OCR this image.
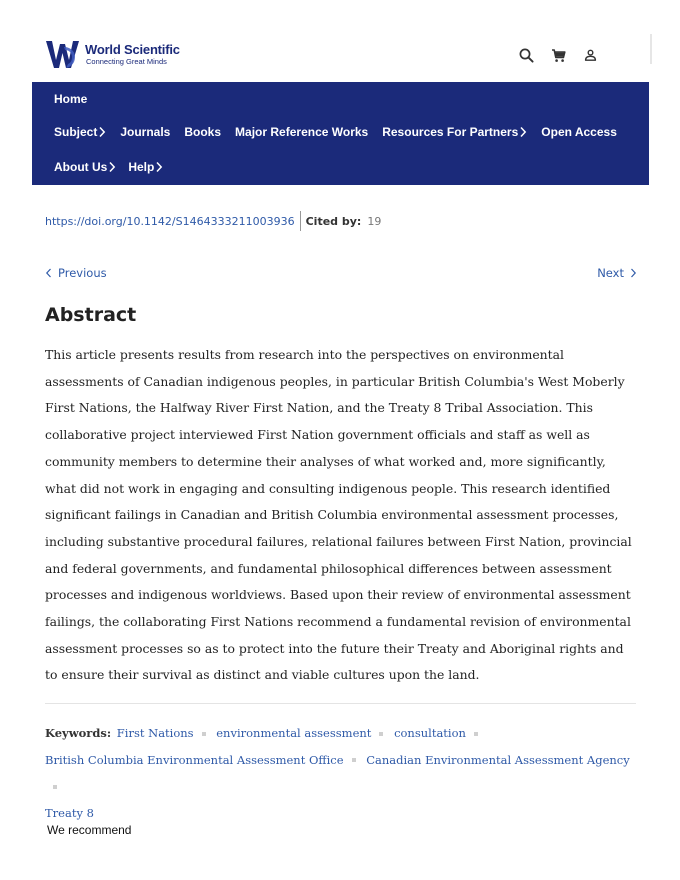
World Scientific
Connecting Great Minds
Home
Subject Journals Books Major Reference Works Resources For Partners Open Access
About Us Help
https://doi.org/10.1142/S1464333211003936 Cited by: 19
Previous	Next
Abstract

This article presents results from research into the perspectives on environmental assessments of Canadian indigenous peoples, in particular British Columbia's West Moberly First Nations, the Halfway River First Nation, and the Treaty 8 Tribal Association. This collaborative project interviewed First Nation government officials and staff as well as community members to determine their analyses of what worked and, more significantly, what did not work in engaging and consulting indigenous people. This research identified significant failings in Canadian and British Columbia environmental assessment processes, including substantive procedural failures, relational failures between First Nation, provincial and federal governments, and fundamental philosophical differences between assessment processes and indigenous worldviews. Based upon their review of environmental assessment failings, the collaborating First Nations recommend a fundamental revision of environmental assessment processes so as to protect into the future their Treaty and Aboriginal rights and to ensure their survival as distinct and viable cultures upon the land.

Keywords: First Nations environmental assessment consultation
British Columbia Environmental Assessment Office Canadian Environmental Assessment Agency
Treaty 8
We recommend
